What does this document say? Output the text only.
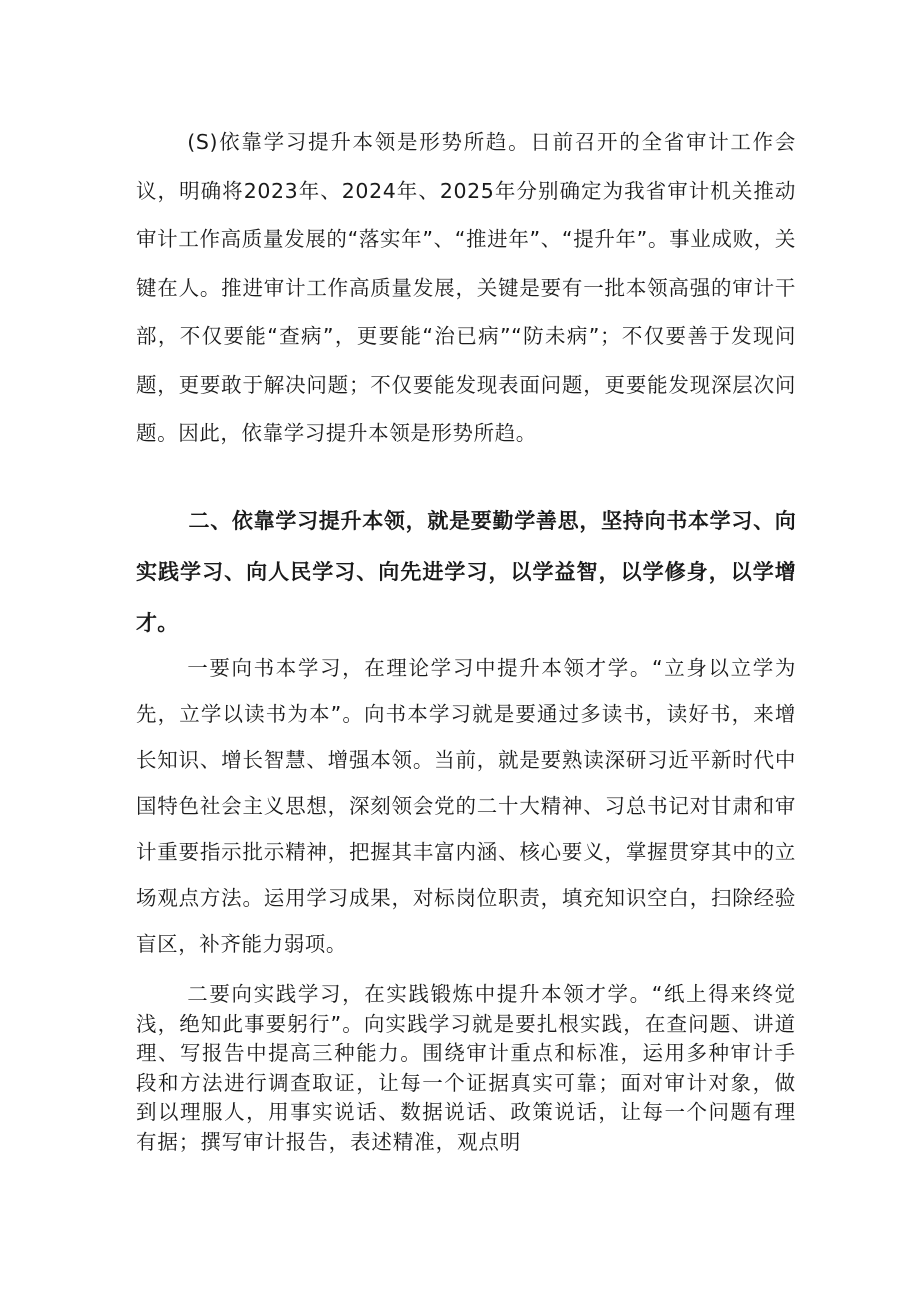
(S)依靠学习提升本领是形势所趋。日前召开的全省审计工作会议，明确将2023年、2024年、2025年分别确定为我省审计机关推动审计工作高质量发展的“落实年”、“推进年”、“提升年”。事业成败，关键在人。推进审计工作高质量发展，关键是要有一批本领高强的审计干部，不仅要能“查病”，更要能“治已病”“防未病”；不仅要善于发现问题，更要敢于解决问题；不仅要能发现表面问题，更要能发现深层次问题。因此，依靠学习提升本领是形势所趋。

二、依靠学习提升本领，就是要勤学善思，坚持向书本学习、向实践学习、向人民学习、向先进学习，以学益智，以学修身，以学增才。

一要向书本学习，在理论学习中提升本领才学。“立身以立学为先，立学以读书为本”。向书本学习就是要通过多读书，读好书，来增长知识、增长智慧、增强本领。当前，就是要熟读深研习近平新时代中国特色社会主义思想，深刻领会党的二十大精神、习总书记对甘肃和审计重要指示批示精神，把握其丰富内涵、核心要义，掌握贯穿其中的立场观点方法。运用学习成果，对标岗位职责，填充知识空白，扫除经验盲区，补齐能力弱项。

二要向实践学习，在实践锻炼中提升本领才学。“纸上得来终觉浅，绝知此事要躬行”。向实践学习就是要扎根实践，在查问题、讲道理、写报告中提高三种能力。围绕审计重点和标准，运用多种审计手段和方法进行调查取证，让每一个证据真实可靠；面对审计对象，做到以理服人，用事实说话、数据说话、政策说话，让每一个问题有理有据；撰写审计报告，表述精准，观点明
